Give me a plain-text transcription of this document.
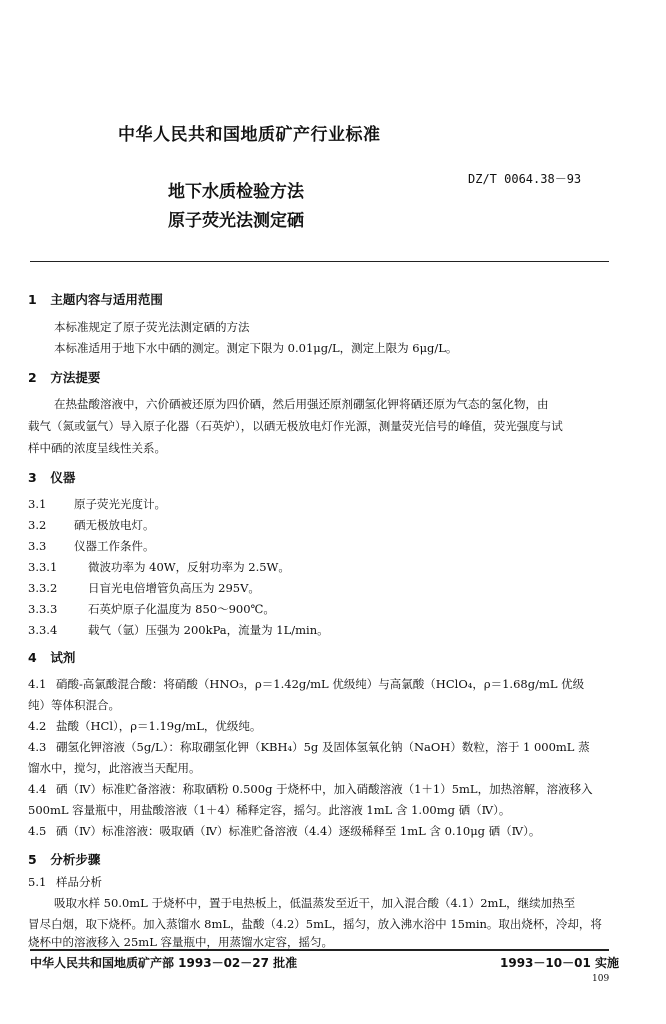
中华人民共和国地质矿产行业标准
地下水质检验方法
原子荧光法测定硒
DZ/T 0064.38－93
1 主题内容与适用范围
本标准规定了原子荧光法测定硒的方法
本标准适用于地下水中硒的测定。测定下限为 0.01μg/L，测定上限为 6μg/L。
2 方法提要
在热盐酸溶液中，六价硒被还原为四价硒，然后用强还原剂硼氢化钾将硒还原为气态的氢化物，由
载气（氮或氩气）导入原子化器（石英炉），以硒无极放电灯作光源，测量荧光信号的峰值，荧光强度与试
样中硒的浓度呈线性关系。
3 仪器
3.1 原子荧光光度计。
3.2 硒无极放电灯。
3.3 仪器工作条件。
3.3.1	微波功率为 40W，反射功率为 2.5W。
3.3.2	日盲光电倍增管负高压为 295V。
3.3.3	石英炉原子化温度为 850～900℃。
3.3.4	载气（氩）压强为 200kPa，流量为 1L/min。
4 试剂
4.1 硝酸-高氯酸混合酸：将硝酸（HNO₃，ρ＝1.42g/mL 优级纯）与高氯酸（HClO₄，ρ＝1.68g/mL 优级
纯）等体积混合。
4.2 盐酸（HCl），ρ＝1.19g/mL，优级纯。
4.3 硼氢化钾溶液（5g/L）：称取硼氢化钾（KBH₄）5g 及固体氢氧化钠（NaOH）数粒，溶于 1 000mL 蒸
馏水中，搅匀，此溶液当天配用。
4.4 硒（Ⅳ）标准贮备溶液：称取硒粉 0.500g 于烧杯中，加入硝酸溶液（1＋1）5mL，加热溶解，溶液移入
500mL 容量瓶中，用盐酸溶液（1＋4）稀释定容，摇匀。此溶液 1mL 含 1.00mg 硒（Ⅳ）。
4.5 硒（Ⅳ）标准溶液：吸取硒（Ⅳ）标准贮备溶液（4.4）逐级稀释至 1mL 含 0.10μg 硒（Ⅳ）。
5 分析步骤
5.1 样品分析
吸取水样 50.0mL 于烧杯中，置于电热板上，低温蒸发至近干，加入混合酸（4.1）2mL，继续加热至
冒尽白烟，取下烧杯。加入蒸馏水 8mL，盐酸（4.2）5mL，摇匀，放入沸水浴中 15min。取出烧杯，冷却，将
烧杯中的溶液移入 25mL 容量瓶中，用蒸馏水定容，摇匀。
中华人民共和国地质矿产部 1993－02－27 批准	1993－10－01 实施
109
